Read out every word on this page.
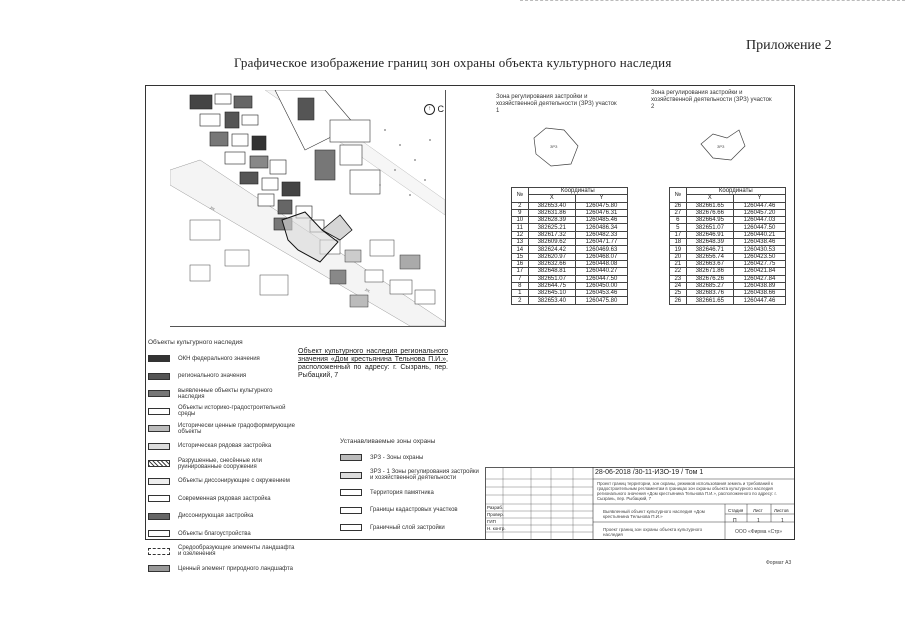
Приложение 2
Графическое изображение границ зон охраны объекта культурного наследия
ул.
ул.
↑ С
Зона регулирования застройки и хозяйственной деятельности (ЗРЗ) участок 1
ЗРЗ
№	Координаты	
	X	Y
2	382653.40	1260475.80
9	382631.86	1260476.31
10	382628.39	1260485.46
11	382625.21	1260486.34
12	382617.32	1260482.33
13	382609.62	1260471.77
14	382624.42	1260469.63
15	382620.97	1260468.07
16	382632.66	1260448.08
17	382648.81	1260440.27
7	382651.07	1260447.50
8	382644.75	1260450.00
1	382645.10	1260453.46
2	382653.40	1260475.80
Зона регулирования застройки и хозяйственной деятельности (ЗРЗ) участок 2
ЗРЗ
№	Координаты	
	X	Y
26	382661.65	1260447.46
27	382676.66	1260457.20
6	382664.95	1260447.03
5	382651.07	1260447.50
17	382646.91	1260440.21
18	382648.39	1260438.46
19	382646.71	1260430.53
20	382656.74	1260423.50
21	382663.67	1260427.75
22	382671.86	1260421.84
23	382676.26	1260427.84
24	382685.27	1260438.89
25	382683.76	1260438.66
26	382661.65	1260447.46
Объекты культурного наследия
ОКН федерального значения
регионального значения
выявленные объекты культурного наследия
Объекты историко-градостроительной среды
Исторически ценные градоформирующие объекты
Историческая рядовая застройка
Разрушенные, снесённые или руинированные сооружения
Объекты диссонирующие с окружением
Современная рядовая застройка
Диссонирующая застройка
Объекты благоустройства
Средообразующие элементы ландшафта и озеленения
Ценный элемент природного ландшафта
Объект культурного наследия регионального значения «Дом крестьянина Тельнова П.И.», расположенный по адресу: г. Сызрань, пер. Рыбацкий, 7
Устанавливаемые зоны охраны
ЗРЗ - Зоны охраны
ЗРЗ - 1 Зоны регулирования застройки и хозяйственной деятельности
Территория памятника
Границы кадастровых участков
Граничный слой застройки
28-06-2018 /30-11-ИЗО-19 / Том 1
Проект границ территории, зон охраны, режимов использования земель и требований к градостроительным регламентам в границах зон охраны объекта культурного наследия регионального значения «Дом крестьянина Тельнова П.И.», расположенного по адресу: г. Сызрань, пер. Рыбацкий, 7
Выявленный объект культурного наследия «Дом крестьянина Тельнова П.И.»
Проект границ зон охраны объекта культурного наследия
Стадия Лист Листов
П	1	1
ООО «Фирма «Стр»
Разраб.
Провер.
ГИП
Н. контр.
Формат А3
